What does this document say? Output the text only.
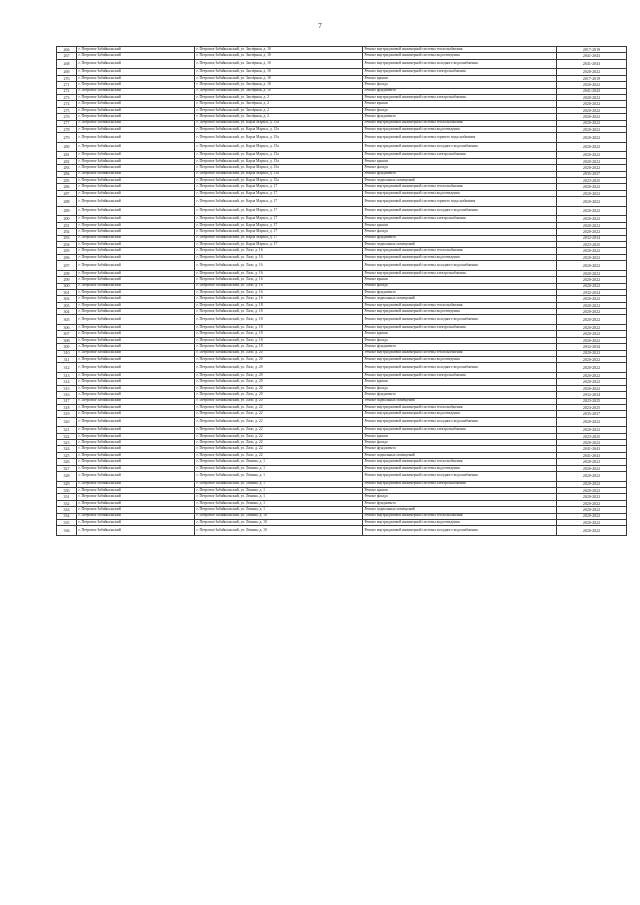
7
266	г. Петровск-Забайкальский	г. Петровск-Забайкальский, ул. Заозёрная, д. 10	Ремонт внутридомовой инженерной системы теплоснабжения	2017-2019
267	г. Петровск-Забайкальский	г. Петровск-Забайкальский, ул. Заозёрная, д. 10	Ремонт внутридомовой инженерной системы водоотведения	2041-2043
268	г. Петровск-Забайкальский	г. Петровск-Забайкальский, ул. Заозёрная, д. 10	Ремонт внутридомовой инженерной системы холодного водоснабжения	2041-2043
269	г. Петровск-Забайкальский	г. Петровск-Забайкальский, ул. Заозёрная, д. 10	Ремонт внутридомовой инженерной системы электроснабжения	2020-2022
270	г. Петровск-Забайкальский	г. Петровск-Забайкальский, ул. Заозёрная, д. 10	Ремонт крыши	2017-2019
271	г. Петровск-Забайкальский	г. Петровск-Забайкальский, ул. Заозёрная, д. 10	Ремонт фасада	2020-2022
272	г. Петровск-Забайкальский	г. Петровск-Забайкальский, ул. Заозёрная, д. 10	Ремонт фундамента	2041-2043
273	г. Петровск-Забайкальский	г. Петровск-Забайкальский, ул. Заозёрная, д. 2	Ремонт внутридомовой инженерной системы электроснабжения	2020-2022
274	г. Петровск-Забайкальский	г. Петровск-Забайкальский, ул. Заозёрная, д. 2	Ремонт крыши	2020-2022
275	г. Петровск-Забайкальский	г. Петровск-Забайкальский, ул. Заозёрная, д. 2	Ремонт фасада	2020-2022
276	г. Петровск-Забайкальский	г. Петровск-Забайкальский, ул. Заозёрная, д. 2	Ремонт фундамента	2020-2022
277	г. Петровск-Забайкальский	г. Петровск-Забайкальский, ул. Карла Маркса, д. 15а	Ремонт внутридомовой инженерной системы теплоснабжения	2020-2022
278	г. Петровск-Забайкальский	г. Петровск-Забайкальский, ул. Карла Маркса, д. 15а	Ремонт внутридомовой инженерной системы водоотведения	2020-2022
279	г. Петровск-Забайкальский	г. Петровск-Забайкальский, ул. Карла Маркса, д. 15а	Ремонт внутридомовой инженерной системы горячего водоснабжения	2020-2022
280	г. Петровск-Забайкальский	г. Петровск-Забайкальский, ул. Карла Маркса, д. 15а	Ремонт внутридомовой инженерной системы холодного водоснабжения	2020-2022
281	г. Петровск-Забайкальский	г. Петровск-Забайкальский, ул. Карла Маркса, д. 15а	Ремонт внутридомовой инженерной системы электроснабжения	2020-2022
282	г. Петровск-Забайкальский	г. Петровск-Забайкальский, ул. Карла Маркса, д. 15а	Ремонт крыши	2020-2022
283	г. Петровск-Забайкальский	г. Петровск-Забайкальский, ул. Карла Маркса, д. 15а	Ремонт фасада	2020-2022
284	г. Петровск-Забайкальский	г. Петровск-Забайкальский, ул. Карла Маркса, д. 15а	Ремонт фундамента	2035-2037
285	г. Петровск-Забайкальский	г. Петровск-Забайкальский, ул. Карла Маркса, д. 15а	Ремонт подвальных помещений	2023-2025
286	г. Петровск-Забайкальский	г. Петровск-Забайкальский, ул. Карла Маркса, д. 17	Ремонт внутридомовой инженерной системы теплоснабжения	2020-2022
287	г. Петровск-Забайкальский	г. Петровск-Забайкальский, ул. Карла Маркса, д. 17	Ремонт внутридомовой инженерной системы водоотведения	2020-2022
288	г. Петровск-Забайкальский	г. Петровск-Забайкальский, ул. Карла Маркса, д. 17	Ремонт внутридомовой инженерной системы горячего водоснабжения	2020-2022
289	г. Петровск-Забайкальский	г. Петровск-Забайкальский, ул. Карла Маркса, д. 17	Ремонт внутридомовой инженерной системы холодного водоснабжения	2020-2022
290	г. Петровск-Забайкальский	г. Петровск-Забайкальский, ул. Карла Маркса, д. 17	Ремонт внутридомовой инженерной системы электроснабжения	2020-2022
291	г. Петровск-Забайкальский	г. Петровск-Забайкальский, ул. Карла Маркса, д. 17	Ремонт крыши	2020-2022
292	г. Петровск-Забайкальский	г. Петровск-Забайкальский, ул. Карла Маркса, д. 17	Ремонт фасада	2020-2022
293	г. Петровск-Забайкальский	г. Петровск-Забайкальский, ул. Карла Маркса, д. 17	Ремонт фундамента	2032-2034
294	г. Петровск-Забайкальский	г. Петровск-Забайкальский, ул. Карла Маркса, д. 17	Ремонт подвальных помещений	2023-2025
295	г. Петровск-Забайкальский	г. Петровск-Забайкальский, ул. Лазо, д. 16	Ремонт внутридомовой инженерной системы теплоснабжения	2020-2022
296	г. Петровск-Забайкальский	г. Петровск-Забайкальский, ул. Лазо, д. 16	Ремонт внутридомовой инженерной системы водоотведения	2020-2022
297	г. Петровск-Забайкальский	г. Петровск-Забайкальский, ул. Лазо, д. 16	Ремонт внутридомовой инженерной системы холодного водоснабжения	2020-2022
298	г. Петровск-Забайкальский	г. Петровск-Забайкальский, ул. Лазо, д. 16	Ремонт внутридомовой инженерной системы электроснабжения	2020-2022
299	г. Петровск-Забайкальский	г. Петровск-Забайкальский, ул. Лазо, д. 16	Ремонт крыши	2020-2022
300	г. Петровск-Забайкальский	г. Петровск-Забайкальский, ул. Лазо, д. 16	Ремонт фасада	2020-2022
301	г. Петровск-Забайкальский	г. Петровск-Забайкальский, ул. Лазо, д. 16	Ремонт фундамента	2032-2034
302	г. Петровск-Забайкальский	г. Петровск-Забайкальский, ул. Лазо, д. 16	Ремонт подвальных помещений	2020-2022
303	г. Петровск-Забайкальский	г. Петровск-Забайкальский, ул. Лазо, д. 18	Ремонт внутридомовой инженерной системы теплоснабжения	2020-2022
304	г. Петровск-Забайкальский	г. Петровск-Забайкальский, ул. Лазо, д. 18	Ремонт внутридомовой инженерной системы водоотведения	2020-2022
305	г. Петровск-Забайкальский	г. Петровск-Забайкальский, ул. Лазо, д. 18	Ремонт внутридомовой инженерной системы холодного водоснабжения	2020-2022
306	г. Петровск-Забайкальский	г. Петровск-Забайкальский, ул. Лазо, д. 18	Ремонт внутридомовой инженерной системы электроснабжения	2020-2022
307	г. Петровск-Забайкальский	г. Петровск-Забайкальский, ул. Лазо, д. 18	Ремонт крыши	2020-2022
308	г. Петровск-Забайкальский	г. Петровск-Забайкальский, ул. Лазо, д. 18	Ремонт фасада	2020-2022
309	г. Петровск-Забайкальский	г. Петровск-Забайкальский, ул. Лазо, д. 18	Ремонт фундамента	2032-2034
310	г. Петровск-Забайкальский	г. Петровск-Забайкальский, ул. Лазо, д. 20	Ремонт внутридомовой инженерной системы теплоснабжения	2020-2022
311	г. Петровск-Забайкальский	г. Петровск-Забайкальский, ул. Лазо, д. 20	Ремонт внутридомовой инженерной системы водоотведения	2020-2022
312	г. Петровск-Забайкальский	г. Петровск-Забайкальский, ул. Лазо, д. 20	Ремонт внутридомовой инженерной системы холодного водоснабжения	2020-2022
313	г. Петровск-Забайкальский	г. Петровск-Забайкальский, ул. Лазо, д. 20	Ремонт внутридомовой инженерной системы электроснабжения	2020-2022
314	г. Петровск-Забайкальский	г. Петровск-Забайкальский, ул. Лазо, д. 20	Ремонт крыши	2020-2022
315	г. Петровск-Забайкальский	г. Петровск-Забайкальский, ул. Лазо, д. 20	Ремонт фасада	2020-2022
316	г. Петровск-Забайкальский	г. Петровск-Забайкальский, ул. Лазо, д. 20	Ремонт фундамента	2032-2034
317	г. Петровск-Забайкальский	г. Петровск-Забайкальский, ул. Лазо, д. 20	Ремонт подвальных помещений	2023-2025
318	г. Петровск-Забайкальский	г. Петровск-Забайкальский, ул. Лазо, д. 22	Ремонт внутридомовой инженерной системы теплоснабжения	2023-2025
319	г. Петровск-Забайкальский	г. Петровск-Забайкальский, ул. Лазо, д. 22	Ремонт внутридомовой инженерной системы водоотведения	2035-2037
320	г. Петровск-Забайкальский	г. Петровск-Забайкальский, ул. Лазо, д. 22	Ремонт внутридомовой инженерной системы холодного водоснабжения	2020-2022
321	г. Петровск-Забайкальский	г. Петровск-Забайкальский, ул. Лазо, д. 22	Ремонт внутридомовой инженерной системы электроснабжения	2020-2022
322	г. Петровск-Забайкальский	г. Петровск-Забайкальский, ул. Лазо, д. 22	Ремонт крыши	2023-2025
323	г. Петровск-Забайкальский	г. Петровск-Забайкальский, ул. Лазо, д. 22	Ремонт фасада	2020-2022
324	г. Петровск-Забайкальский	г. Петровск-Забайкальский, ул. Лазо, д. 22	Ремонт фундамента	2041-2043
325	г. Петровск-Забайкальский	г. Петровск-Забайкальский, ул. Лазо, д. 22	Ремонт подвальных помещений	2041-2043
326	г. Петровск-Забайкальский	г. Петровск-Забайкальский, ул. Ленина, д. 1	Ремонт внутридомовой инженерной системы теплоснабжения	2020-2022
327	г. Петровск-Забайкальский	г. Петровск-Забайкальский, ул. Ленина, д. 1	Ремонт внутридомовой инженерной системы водоотведения	2020-2022
328	г. Петровск-Забайкальский	г. Петровск-Забайкальский, ул. Ленина, д. 1	Ремонт внутридомовой инженерной системы холодного водоснабжения	2020-2022
329	г. Петровск-Забайкальский	г. Петровск-Забайкальский, ул. Ленина, д. 1	Ремонт внутридомовой инженерной системы электроснабжения	2020-2022
330	г. Петровск-Забайкальский	г. Петровск-Забайкальский, ул. Ленина, д. 1	Ремонт крыши	2020-2022
331	г. Петровск-Забайкальский	г. Петровск-Забайкальский, ул. Ленина, д. 1	Ремонт фасада	2020-2022
332	г. Петровск-Забайкальский	г. Петровск-Забайкальский, ул. Ленина, д. 1	Ремонт фундамента	2020-2022
333	г. Петровск-Забайкальский	г. Петровск-Забайкальский, ул. Ленина, д. 1	Ремонт подвальных помещений	2020-2022
334	г. Петровск-Забайкальский	г. Петровск-Забайкальский, ул. Ленина, д. 10	Ремонт внутридомовой инженерной системы теплоснабжения	2020-2022
335	г. Петровск-Забайкальский	г. Петровск-Забайкальский, ул. Ленина, д. 10	Ремонт внутридомовой инженерной системы водоотведения	2020-2022
336	г. Петровск-Забайкальский	г. Петровск-Забайкальский, ул. Ленина, д. 10	Ремонт внутридомовой инженерной системы холодного водоснабжения	2020-2022
